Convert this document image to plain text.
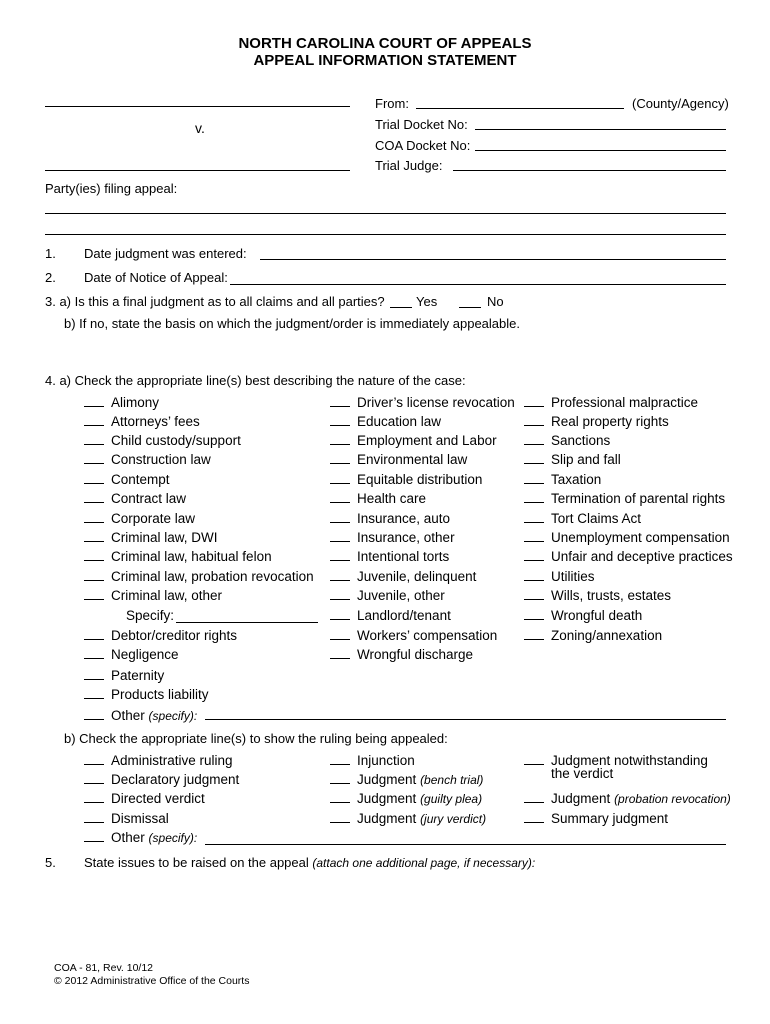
NORTH CAROLINA COURT OF APPEALS
APPEAL INFORMATION STATEMENT
v.
From:	(County/Agency)
Trial Docket No:
COA Docket No:
Trial Judge:
Party(ies) filing appeal:
1. Date judgment was entered:
2. Date of Notice of Appeal:
3. a) Is this a final judgment as to all claims and all parties? Yes	No
b) If no, state the basis on which the judgment/order is immediately appealable.
4. a) Check the appropriate line(s) best describing the nature of the case:
Alimony
Attorneys’ fees
Child custody/support
Construction law
Contempt
Contract law
Corporate law
Criminal law, DWI
Criminal law, habitual felon
Criminal law, probation revocation
Criminal law, other
Specify:
Debtor/creditor rights
Negligence
Paternity
Products liability
Other (specify):
Driver’s license revocation
Education law
Employment and Labor
Environmental law
Equitable distribution
Health care
Insurance, auto
Insurance, other
Intentional torts
Juvenile, delinquent
Juvenile, other
Landlord/tenant
Workers’ compensation
Wrongful discharge
Professional malpractice
Real property rights
Sanctions
Slip and fall
Taxation
Termination of parental rights
Tort Claims Act
Unemployment compensation
Unfair and deceptive practices
Utilities
Wills, trusts, estates
Wrongful death
Zoning/annexation
b) Check the appropriate line(s) to show the ruling being appealed:
Administrative ruling
Declaratory judgment
Directed verdict
Dismissal
Other (specify):
Injunction
Judgment (bench trial)
Judgment (guilty plea)
Judgment (jury verdict)
Judgment notwithstanding
the verdict
Judgment (probation revocation)
Summary judgment
5. State issues to be raised on the appeal (attach one additional page, if necessary):
COA - 81, Rev. 10/12
© 2012 Administrative Office of the Courts
